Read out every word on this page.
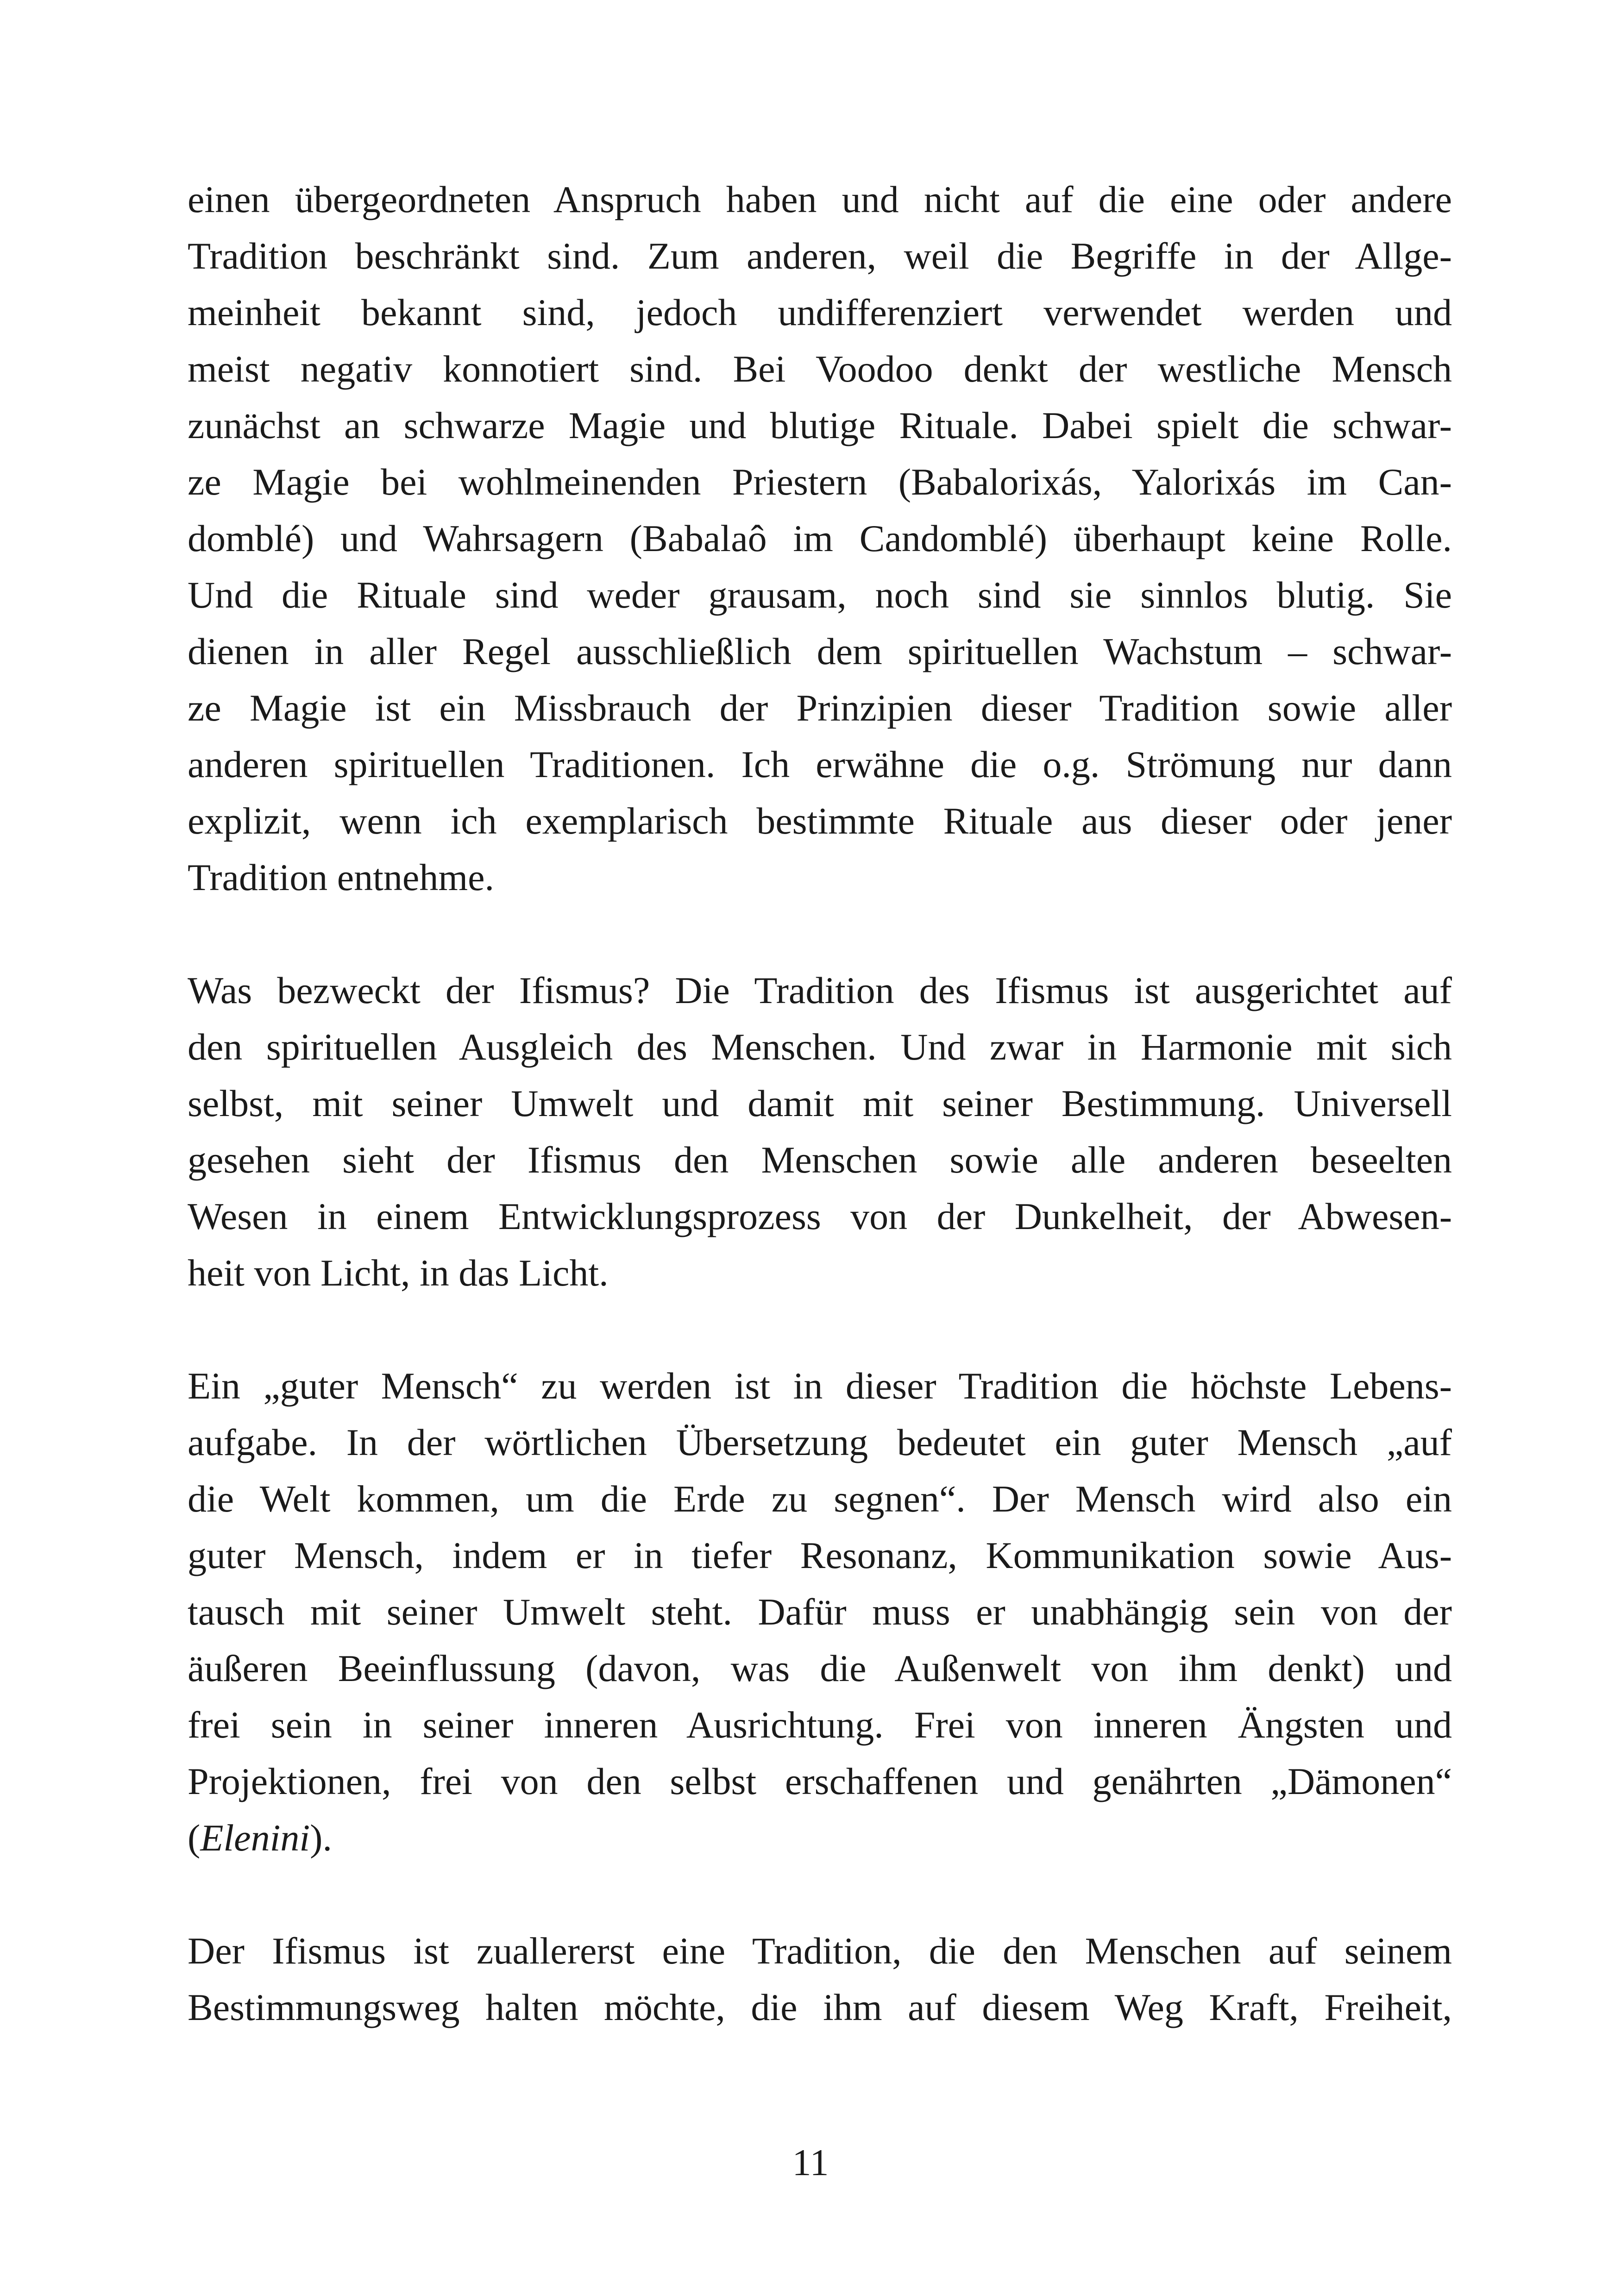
einen übergeordneten Anspruch haben und nicht auf die eine oder andere
Tradition beschränkt sind. Zum anderen, weil die Begriffe in der Allge-
meinheit bekannt sind, jedoch undifferenziert verwendet werden und
meist negativ konnotiert sind. Bei Voodoo denkt der westliche Mensch
zunächst an schwarze Magie und blutige Rituale. Dabei spielt die schwar-
ze Magie bei wohlmeinenden Priestern (Babalorixás, Yalorixás im Can-
domblé) und Wahrsagern (Babalaô im Candomblé) überhaupt keine Rolle.
Und die Rituale sind weder grausam, noch sind sie sinnlos blutig. Sie
dienen in aller Regel ausschließlich dem spirituellen Wachstum – schwar-
ze Magie ist ein Missbrauch der Prinzipien dieser Tradition sowie aller
anderen spirituellen Traditionen. Ich erwähne die o.g. Strömung nur dann
explizit, wenn ich exemplarisch bestimmte Rituale aus dieser oder jener
Tradition entnehme.

Was bezweckt der Ifismus? Die Tradition des Ifismus ist ausgerichtet auf
den spirituellen Ausgleich des Menschen. Und zwar in Harmonie mit sich
selbst, mit seiner Umwelt und damit mit seiner Bestimmung. Universell
gesehen sieht der Ifismus den Menschen sowie alle anderen beseelten
Wesen in einem Entwicklungsprozess von der Dunkelheit, der Abwesen-
heit von Licht, in das Licht.

Ein „guter Mensch“ zu werden ist in dieser Tradition die höchste Lebens-
aufgabe. In der wörtlichen Übersetzung bedeutet ein guter Mensch „auf
die Welt kommen, um die Erde zu segnen“. Der Mensch wird also ein
guter Mensch, indem er in tiefer Resonanz, Kommunikation sowie Aus-
tausch mit seiner Umwelt steht. Dafür muss er unabhängig sein von der
äußeren Beeinflussung (davon, was die Außenwelt von ihm denkt) und
frei sein in seiner inneren Ausrichtung. Frei von inneren Ängsten und
Projektionen, frei von den selbst erschaffenen und genährten „Dämonen“
(Elenini).

Der Ifismus ist zuallererst eine Tradition, die den Menschen auf seinem
Bestimmungsweg halten möchte, die ihm auf diesem Weg Kraft, Freiheit,

11
